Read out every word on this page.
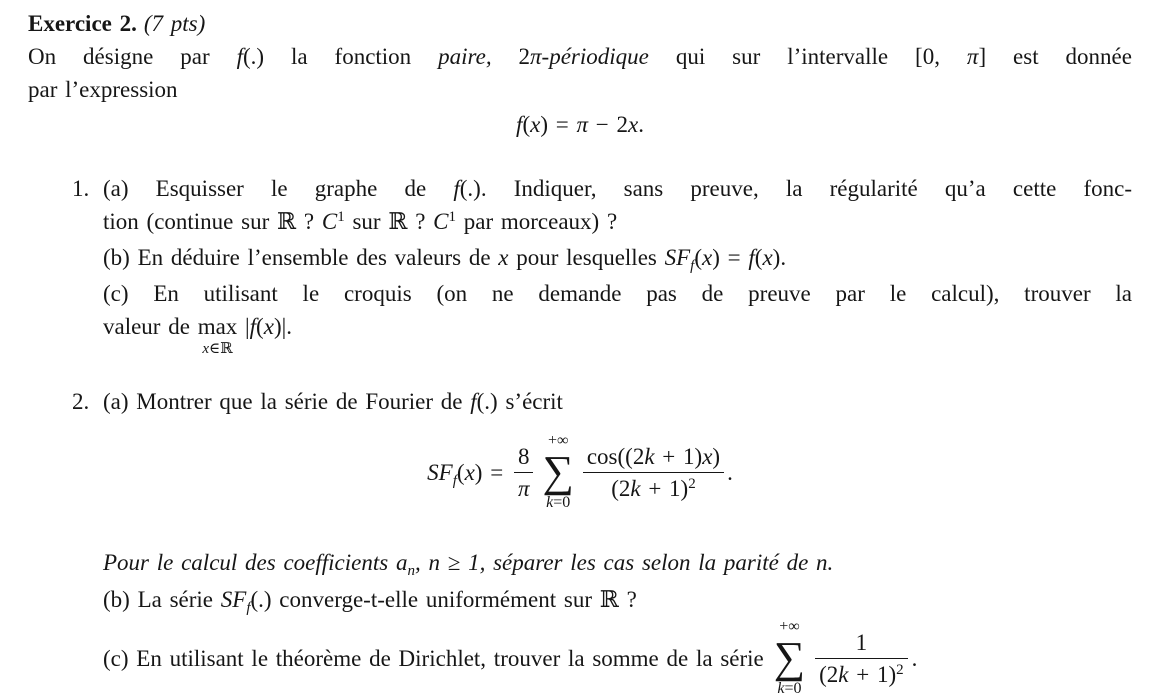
Exercice 2. (7 pts)
On désigne par f(.) la fonction paire, 2π-périodique qui sur l’intervalle [0, π] est donnée
par l’expression
f(x) = π − 2x.
1. (a) Esquisser le graphe de f(.). Indiquer, sans preuve, la régularité qu’a cette fonc-
tion (continue sur ℝ ? $C^1$ sur ℝ ? $C^1$ par morceaux) ?
(b) En déduire l’ensemble des valeurs de x pour lesquelles $SF_f(x) = f(x)$.
(c) En utilisant le croquis (on ne demande pas de preuve par le calcul), trouver la
valeur de max
x∈ℝ
|f(x)|.
2. (a) Montrer que la série de Fourier de f(.) s’écrit
$SF_f(x) = \frac{8}{\pi}$
+∞
∑
k=0
$\frac{\cos((2k + 1)x)}{(2k + 1)^2}$ .
Pour le calcul des coefficients $a_n$, n ≥ 1, séparer les cas selon la parité de n.
(b) La série $SF_f(.)$ converge-t-elle uniformément sur ℝ ?
(c) En utilisant le théorème de Dirichlet, trouver la somme de la série
+∞
∑
k=0
$\frac{1}{(2k + 1)^2}$ .
